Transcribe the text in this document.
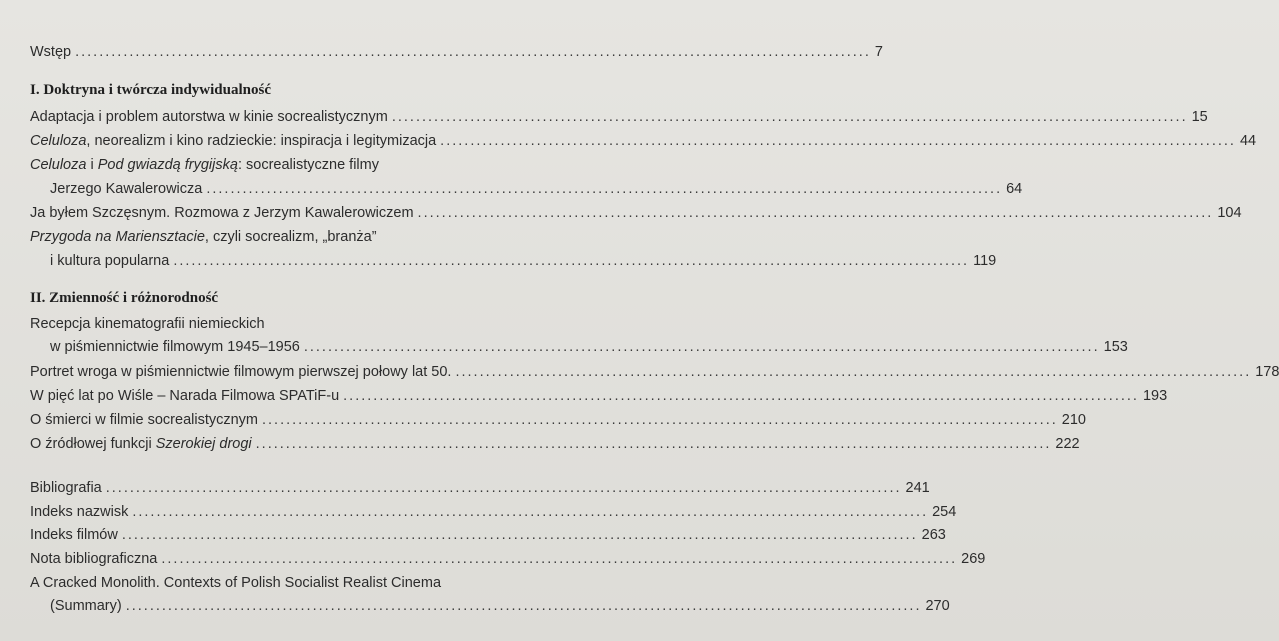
Wstęp .................................................................................................................................... 7
I. Doktryna i twórcza indywidualność
Adaptacja i problem autorstwa w kinie socrealistycznym .................................................................................................................................... 15
Celuloza, neorealizm i kino radzieckie: inspiracja i legitymizacja .................................................................................................................................... 44
Celuloza i Pod gwiazdą frygijską: socrealistyczne filmy
Jerzego Kawalerowicza .................................................................................................................................... 64
Ja byłem Szczęsnym. Rozmowa z Jerzym Kawalerowiczem .................................................................................................................................... 104
Przygoda na Mariensztacie, czyli socrealizm, „branża”
i kultura popularna .................................................................................................................................... 119
II. Zmienność i różnorodność
Recepcja kinematografii niemieckich
w piśmiennictwie filmowym 1945–1956 .................................................................................................................................... 153
Portret wroga w piśmiennictwie filmowym pierwszej połowy lat 50. .................................................................................................................................... 178
W pięć lat po Wiśle – Narada Filmowa SPATiF-u .................................................................................................................................... 193
O śmierci w filmie socrealistycznym .................................................................................................................................... 210
O źródłowej funkcji Szerokiej drogi .................................................................................................................................... 222
Bibliografia .................................................................................................................................... 241
Indeks nazwisk .................................................................................................................................... 254
Indeks filmów .................................................................................................................................... 263
Nota bibliograficzna .................................................................................................................................... 269
A Cracked Monolith. Contexts of Polish Socialist Realist Cinema
(Summary) .................................................................................................................................... 270
